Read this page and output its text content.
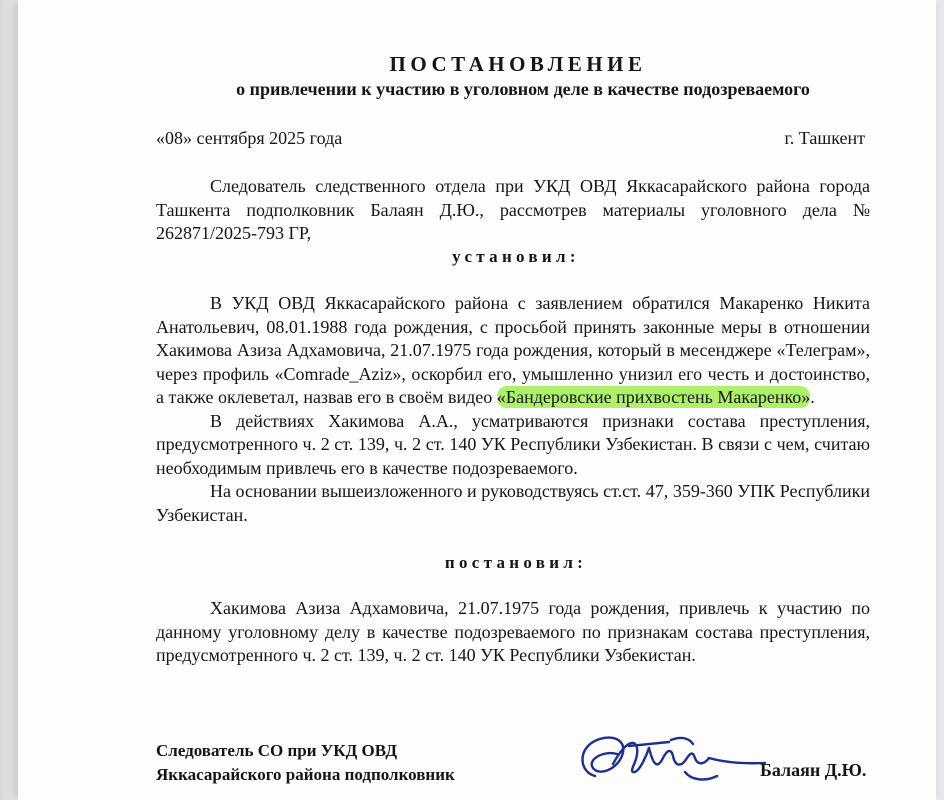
ПОСТАНОВЛЕНИЕ
о привлечении к участию в уголовном деле в качестве подозреваемого
«08» сентября 2025 года	г. Ташкент

Следователь следственного отдела при УКД ОВД Яккасарайского района города Ташкента подполковник Балаян Д.Ю., рассмотрев материалы уголовного дела № 262871/2025-793 ГР,

установил:

В УКД ОВД Яккасарайского района с заявлением обратился Макаренко Никита Анатольевич, 08.01.1988 года рождения, с просьбой принять законные меры в отношении Хакимова Азиза Адхамовича, 21.07.1975 года рождения, который в месенджере «Телеграм», через профиль «Comrade_Aziz», оскорбил его, умышленно унизил его честь и достоинство, а также оклеветал, назвав его в своём видео «Бандеровские прихвостень Макаренко».

В действиях Хакимова А.А., усматриваются признаки состава преступления, предусмотренного ч. 2 ст. 139, ч. 2 ст. 140 УК Республики Узбекистан. В связи с чем, считаю необходимым привлечь его в качестве подозреваемого.

На основании вышеизложенного и руководствуясь ст.ст. 47, 359-360 УПК Республики Узбекистан.

постановил:

Хакимова Азиза Адхамовича, 21.07.1975 года рождения, привлечь к участию по данному уголовному делу в качестве подозреваемого по признакам состава преступления, предусмотренного ч. 2 ст. 139, ч. 2 ст. 140 УК Республики Узбекистан.

Следователь СО при УКД ОВД
Яккасарайского района подполковник	Балаян Д.Ю.
